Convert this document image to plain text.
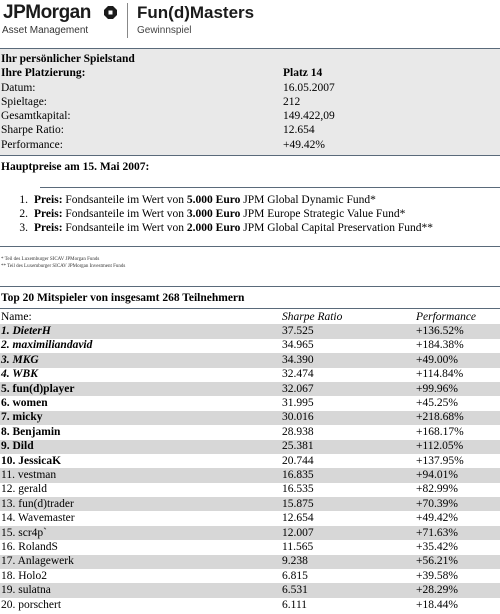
JPMorgan
Asset Management
Fun(d)Masters
Gewinnspiel
Ihr persönlicher Spielstand
Ihre Platzierung:	Platz 14
Datum:	16.05.2007
Spieltage:	212
Gesamtkapital:	149.422,09
Sharpe Ratio:	12.654
Performance:	+49.42%
Hauptpreise am 15. Mai 2007:
1. Preis: Fondsanteile im Wert von 5.000 Euro JPM Global Dynamic Fund*
2. Preis: Fondsanteile im Wert von 3.000 Euro JPM Europe Strategic Value Fund*
3. Preis: Fondsanteile im Wert von 2.000 Euro JPM Global Capital Preservation Fund**
* Teil des Luxemburger SICAV JPMorgan Funds
** Teil des Luxemburger SICAV JPMorgan Investment Funds
Top 20 Mitspieler von insgesamt 268 Teilnehmern
Name:	Sharpe Ratio	Performance
1. DieterH	37.525	+136.52%
2. maximiliandavid	34.965	+184.38%
3. MKG	34.390	+49.00%
4. WBK	32.474	+114.84%
5. fun(d)player	32.067	+99.96%
6. women	31.995	+45.25%
7. micky	30.016	+218.68%
8. Benjamin	28.938	+168.17%
9. Dild	25.381	+112.05%
10. JessicaK	20.744	+137.95%
11. vestman	16.835	+94.01%
12. gerald	16.535	+82.99%
13. fun(d)trader	15.875	+70.39%
14. Wavemaster	12.654	+49.42%
15. scr4p`	12.007	+71.63%
16. RolandS	11.565	+35.42%
17. Anlagewerk	9.238	+56.21%
18. Holo2	6.815	+39.58%
19. sulatna	6.531	+28.29%
20. porschert	6.111	+18.44%
